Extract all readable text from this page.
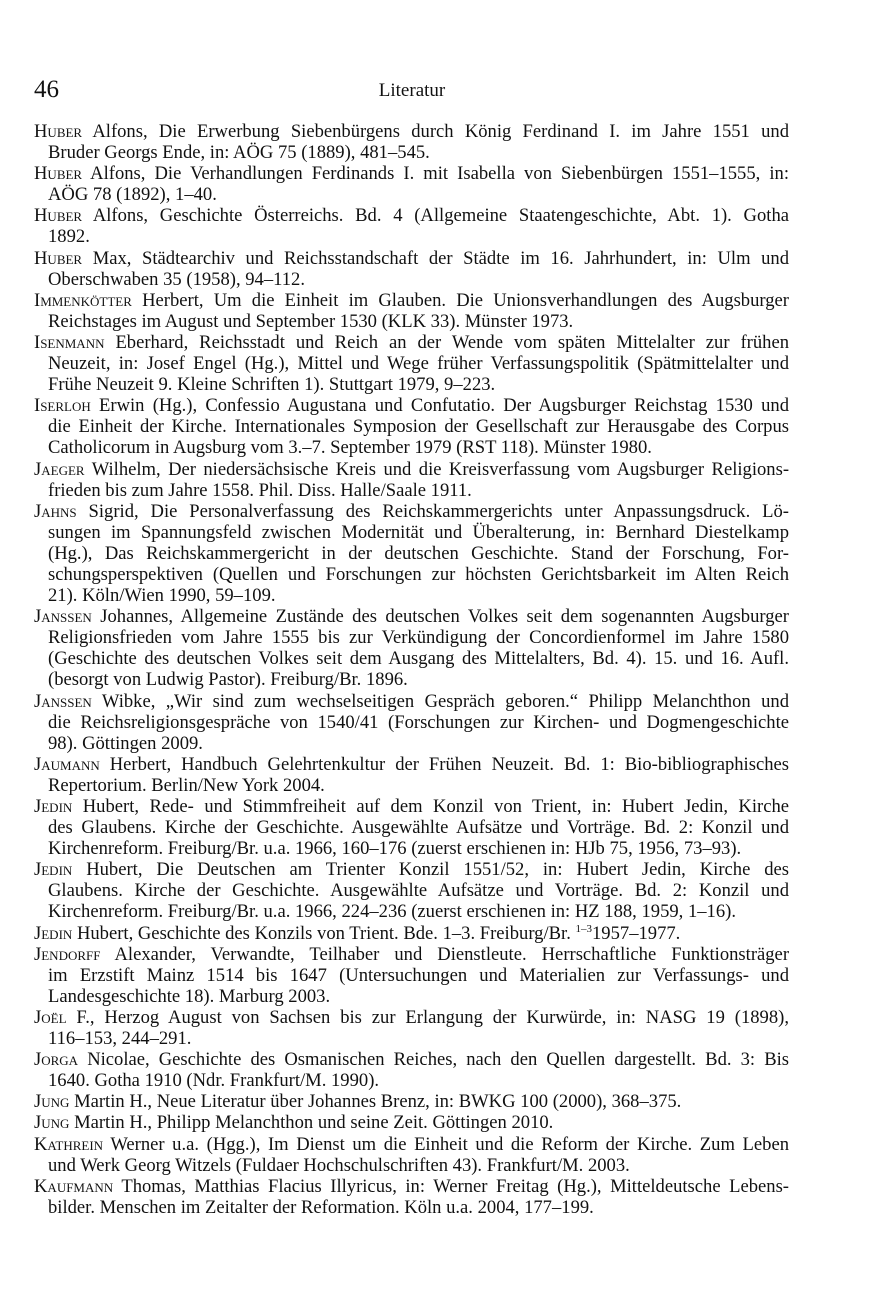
46	Literatur
Huber Alfons, Die Erwerbung Siebenbürgens durch König Ferdinand I. im Jahre 1551 und
Bruder Georgs Ende, in: AÖG 75 (1889), 481–545.
Huber Alfons, Die Verhandlungen Ferdinands I. mit Isabella von Siebenbürgen 1551–1555, in:
AÖG 78 (1892), 1–40.
Huber Alfons, Geschichte Österreichs. Bd. 4 (Allgemeine Staatengeschichte, Abt. 1). Gotha
1892.
Huber Max, Städtearchiv und Reichsstandschaft der Städte im 16. Jahrhundert, in: Ulm und
Oberschwaben 35 (1958), 94–112.
Immenkötter Herbert, Um die Einheit im Glauben. Die Unionsverhandlungen des Augsburger
Reichstages im August und September 1530 (KLK 33). Münster 1973.
Isenmann Eberhard, Reichsstadt und Reich an der Wende vom späten Mittelalter zur frühen
Neuzeit, in: Josef Engel (Hg.), Mittel und Wege früher Verfassungspolitik (Spätmittelalter und
Frühe Neuzeit 9. Kleine Schriften 1). Stuttgart 1979, 9–223.
Iserloh Erwin (Hg.), Confessio Augustana und Confutatio. Der Augsburger Reichstag 1530 und
die Einheit der Kirche. Internationales Symposion der Gesellschaft zur Herausgabe des Corpus
Catholicorum in Augsburg vom 3.–7. September 1979 (RST 118). Münster 1980.
Jaeger Wilhelm, Der niedersächsische Kreis und die Kreisverfassung vom Augsburger Religions-
frieden bis zum Jahre 1558. Phil. Diss. Halle/Saale 1911.
Jahns Sigrid, Die Personalverfassung des Reichskammergerichts unter Anpassungsdruck. Lö-
sungen im Spannungsfeld zwischen Modernität und Überalterung, in: Bernhard Diestelkamp
(Hg.), Das Reichskammergericht in der deutschen Geschichte. Stand der Forschung, For-
schungsperspektiven (Quellen und Forschungen zur höchsten Gerichtsbarkeit im Alten Reich
21). Köln/Wien 1990, 59–109.
Janssen Johannes, Allgemeine Zustände des deutschen Volkes seit dem sogenannten Augsburger
Religionsfrieden vom Jahre 1555 bis zur Verkündigung der Concordienformel im Jahre 1580
(Geschichte des deutschen Volkes seit dem Ausgang des Mittelalters, Bd. 4). 15. und 16. Aufl.
(besorgt von Ludwig Pastor). Freiburg/Br. 1896.
Janssen Wibke, „Wir sind zum wechselseitigen Gespräch geboren.“ Philipp Melanchthon und
die Reichsreligionsgespräche von 1540/41 (Forschungen zur Kirchen- und Dogmengeschichte
98). Göttingen 2009.
Jaumann Herbert, Handbuch Gelehrtenkultur der Frühen Neuzeit. Bd. 1: Bio-bibliographisches
Repertorium. Berlin/New York 2004.
Jedin Hubert, Rede- und Stimmfreiheit auf dem Konzil von Trient, in: Hubert Jedin, Kirche
des Glaubens. Kirche der Geschichte. Ausgewählte Aufsätze und Vorträge. Bd. 2: Konzil und
Kirchenreform. Freiburg/Br. u.a. 1966, 160–176 (zuerst erschienen in: HJb 75, 1956, 73–93).
Jedin Hubert, Die Deutschen am Trienter Konzil 1551/52, in: Hubert Jedin, Kirche des
Glaubens. Kirche der Geschichte. Ausgewählte Aufsätze und Vorträge. Bd. 2: Konzil und
Kirchenreform. Freiburg/Br. u.a. 1966, 224–236 (zuerst erschienen in: HZ 188, 1959, 1–16).
Jedin Hubert, Geschichte des Konzils von Trient. Bde. 1–3. Freiburg/Br. $^{1-3}$1957–1977.
Jendorff Alexander, Verwandte, Teilhaber und Dienstleute. Herrschaftliche Funktionsträger
im Erzstift Mainz 1514 bis 1647 (Untersuchungen und Materialien zur Verfassungs- und
Landesgeschichte 18). Marburg 2003.
Joël F., Herzog August von Sachsen bis zur Erlangung der Kurwürde, in: NASG 19 (1898),
116–153, 244–291.
Jorga Nicolae, Geschichte des Osmanischen Reiches, nach den Quellen dargestellt. Bd. 3: Bis
1640. Gotha 1910 (Ndr. Frankfurt/M. 1990).
Jung Martin H., Neue Literatur über Johannes Brenz, in: BWKG 100 (2000), 368–375.
Jung Martin H., Philipp Melanchthon und seine Zeit. Göttingen 2010.
Kathrein Werner u.a. (Hgg.), Im Dienst um die Einheit und die Reform der Kirche. Zum Leben
und Werk Georg Witzels (Fuldaer Hochschulschriften 43). Frankfurt/M. 2003.
Kaufmann Thomas, Matthias Flacius Illyricus, in: Werner Freitag (Hg.), Mitteldeutsche Lebens-
bilder. Menschen im Zeitalter der Reformation. Köln u.a. 2004, 177–199.
